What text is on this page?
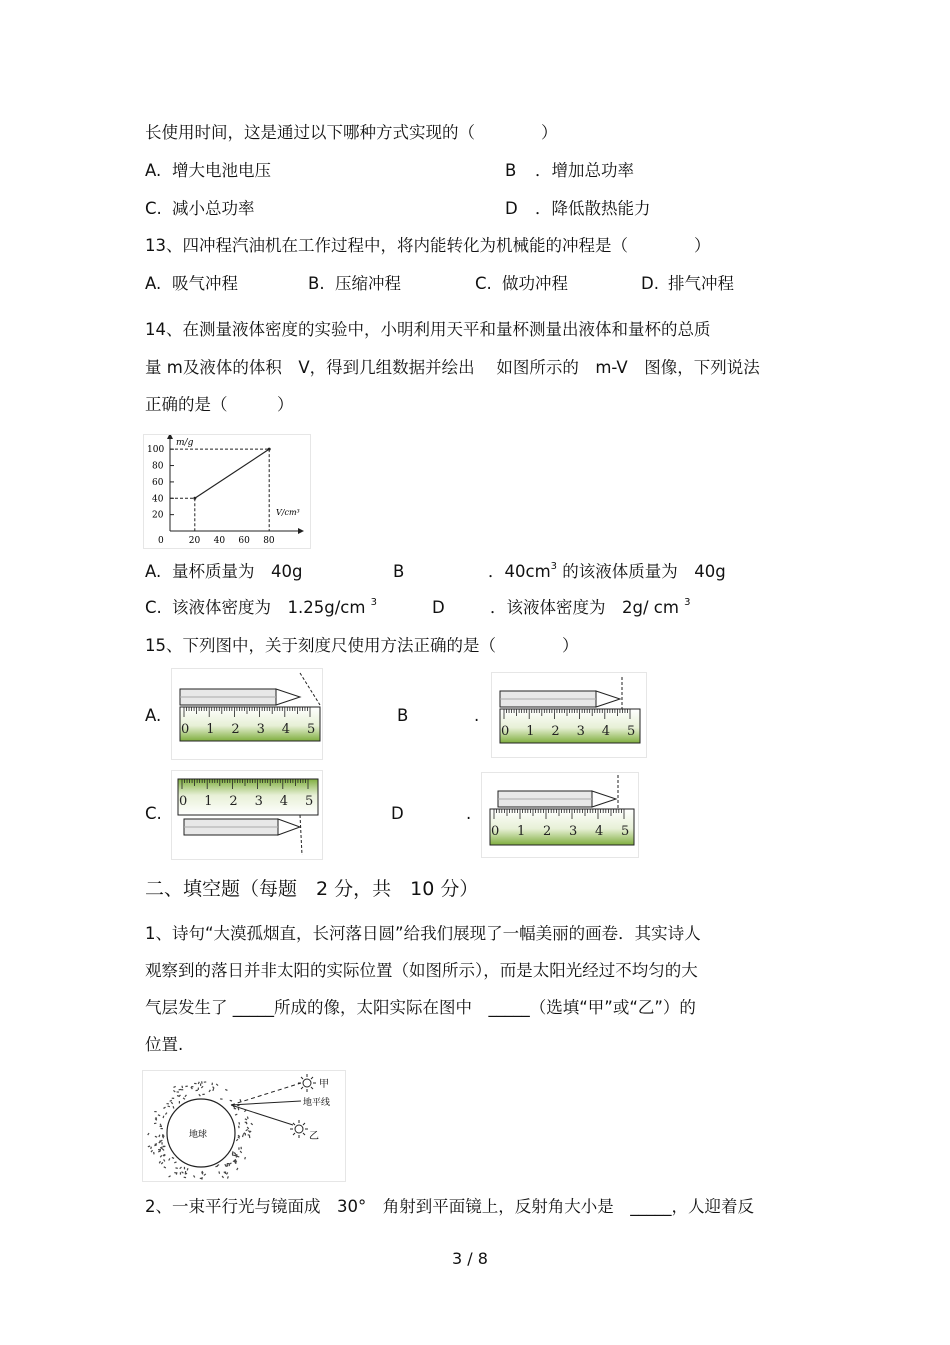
长使用时间，这是通过以下哪种方式实现的（　　　　）
A. 增大电池电压	B ．增加总功率
C. 减小总功率	D ．降低散热能力
13、四冲程汽油机在工作过程中，将内能转化为机械能的冲程是（　　　　）
A. 吸气冲程	B. 压缩冲程	C. 做功冲程	D. 排气冲程
14、在测量液体密度的实验中，小明利用天平和量杯测量出液体和量杯的总质
量 m及液体的体积　V，得到几组数据并绘出　 如图所示的　m-V　图像，下列说法
正确的是（　　　）
0	20 40 60 80
20
40
60
80
100
m/g
V/cm³
A. 量杯质量为　40g	B	．$40cm^3$ 的该液体质量为　40g
C. 该液体密度为　1.25g/cm $^3$	D	．该液体密度为　2g/ cm $^3$
15、下列图中，关于刻度尺使用方法正确的是（　　　　）
A.
0 1 2 3 4 5
B	.
0 1 2 3 4 5
C.
0 1 2 3 4 5
D	.
0 1 2 3 4 5
二、填空题（每题　2 分，共　10 分）
1、诗句“大漠孤烟直，长河落日圆”给我们展现了一幅美丽的画卷．其实诗人
观察到的落日并非太阳的实际位置（如图所示），而是太阳光经过不均匀的大
气层发生了 _____所成的像，太阳实际在图中　_____（选填“甲”或“乙”）的
位置.
地球
甲
地平线
乙
2、一束平行光与镜面成　30°　角射到平面镜上，反射角大小是　_____，人迎着反
3 / 8
